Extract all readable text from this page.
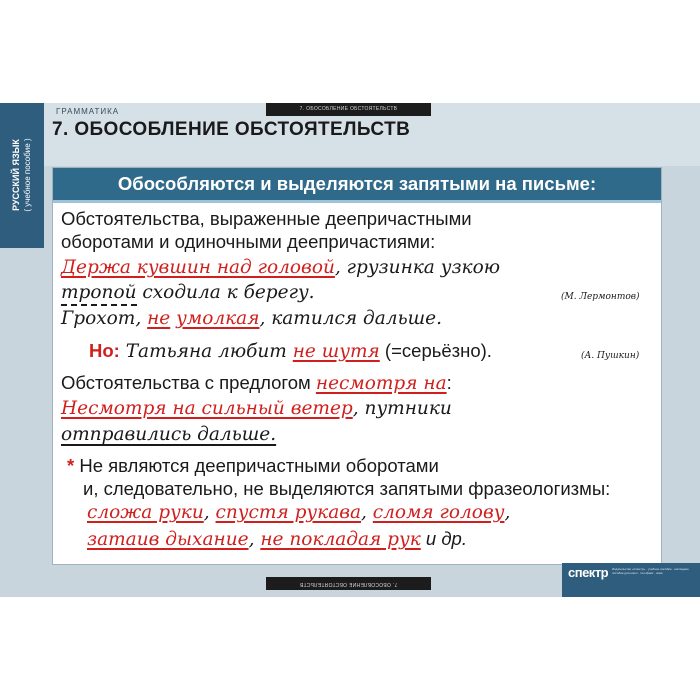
РУССКИЙ ЯЗЫК ( учебное пособие )
7. ОБОСОБЛЕНИЕ ОБСТОЯТЕЛЬСТВ
ГРАММАТИКА
7. ОБОСОБЛЕНИЕ ОБСТОЯТЕЛЬСТВ
Обособляются и выделяются запятыми на письме:
Обстоятельства, выраженные деепричастными
оборотами и одиночными деепричастиями:
Держа кувшин над головой, грузинка узкою
тропой сходила к берегу.	(М. Лермонтов)
Грохот, не умолкая, катился дальше.
Но: Татьяна любит не шутя (=серьёзно).	(А. Пушкин)
Обстоятельства с предлогом несмотря на:
Несмотря на сильный ветер, путники
отправились дальше.
* Не являются деепричастными оборотами
и, следовательно, не выделяются запятыми фразеологизмы:
сложа руки, спустя рукава, сломя голову,
затаив дыхание, не покладая рук и др.
7. ОБОСОБЛЕНИЕ ОБСТОЯТЕЛЬСТВ
спектр Издательство «Спектр» · учебное пособие · наглядное пособие для школ · тел./факс · www
